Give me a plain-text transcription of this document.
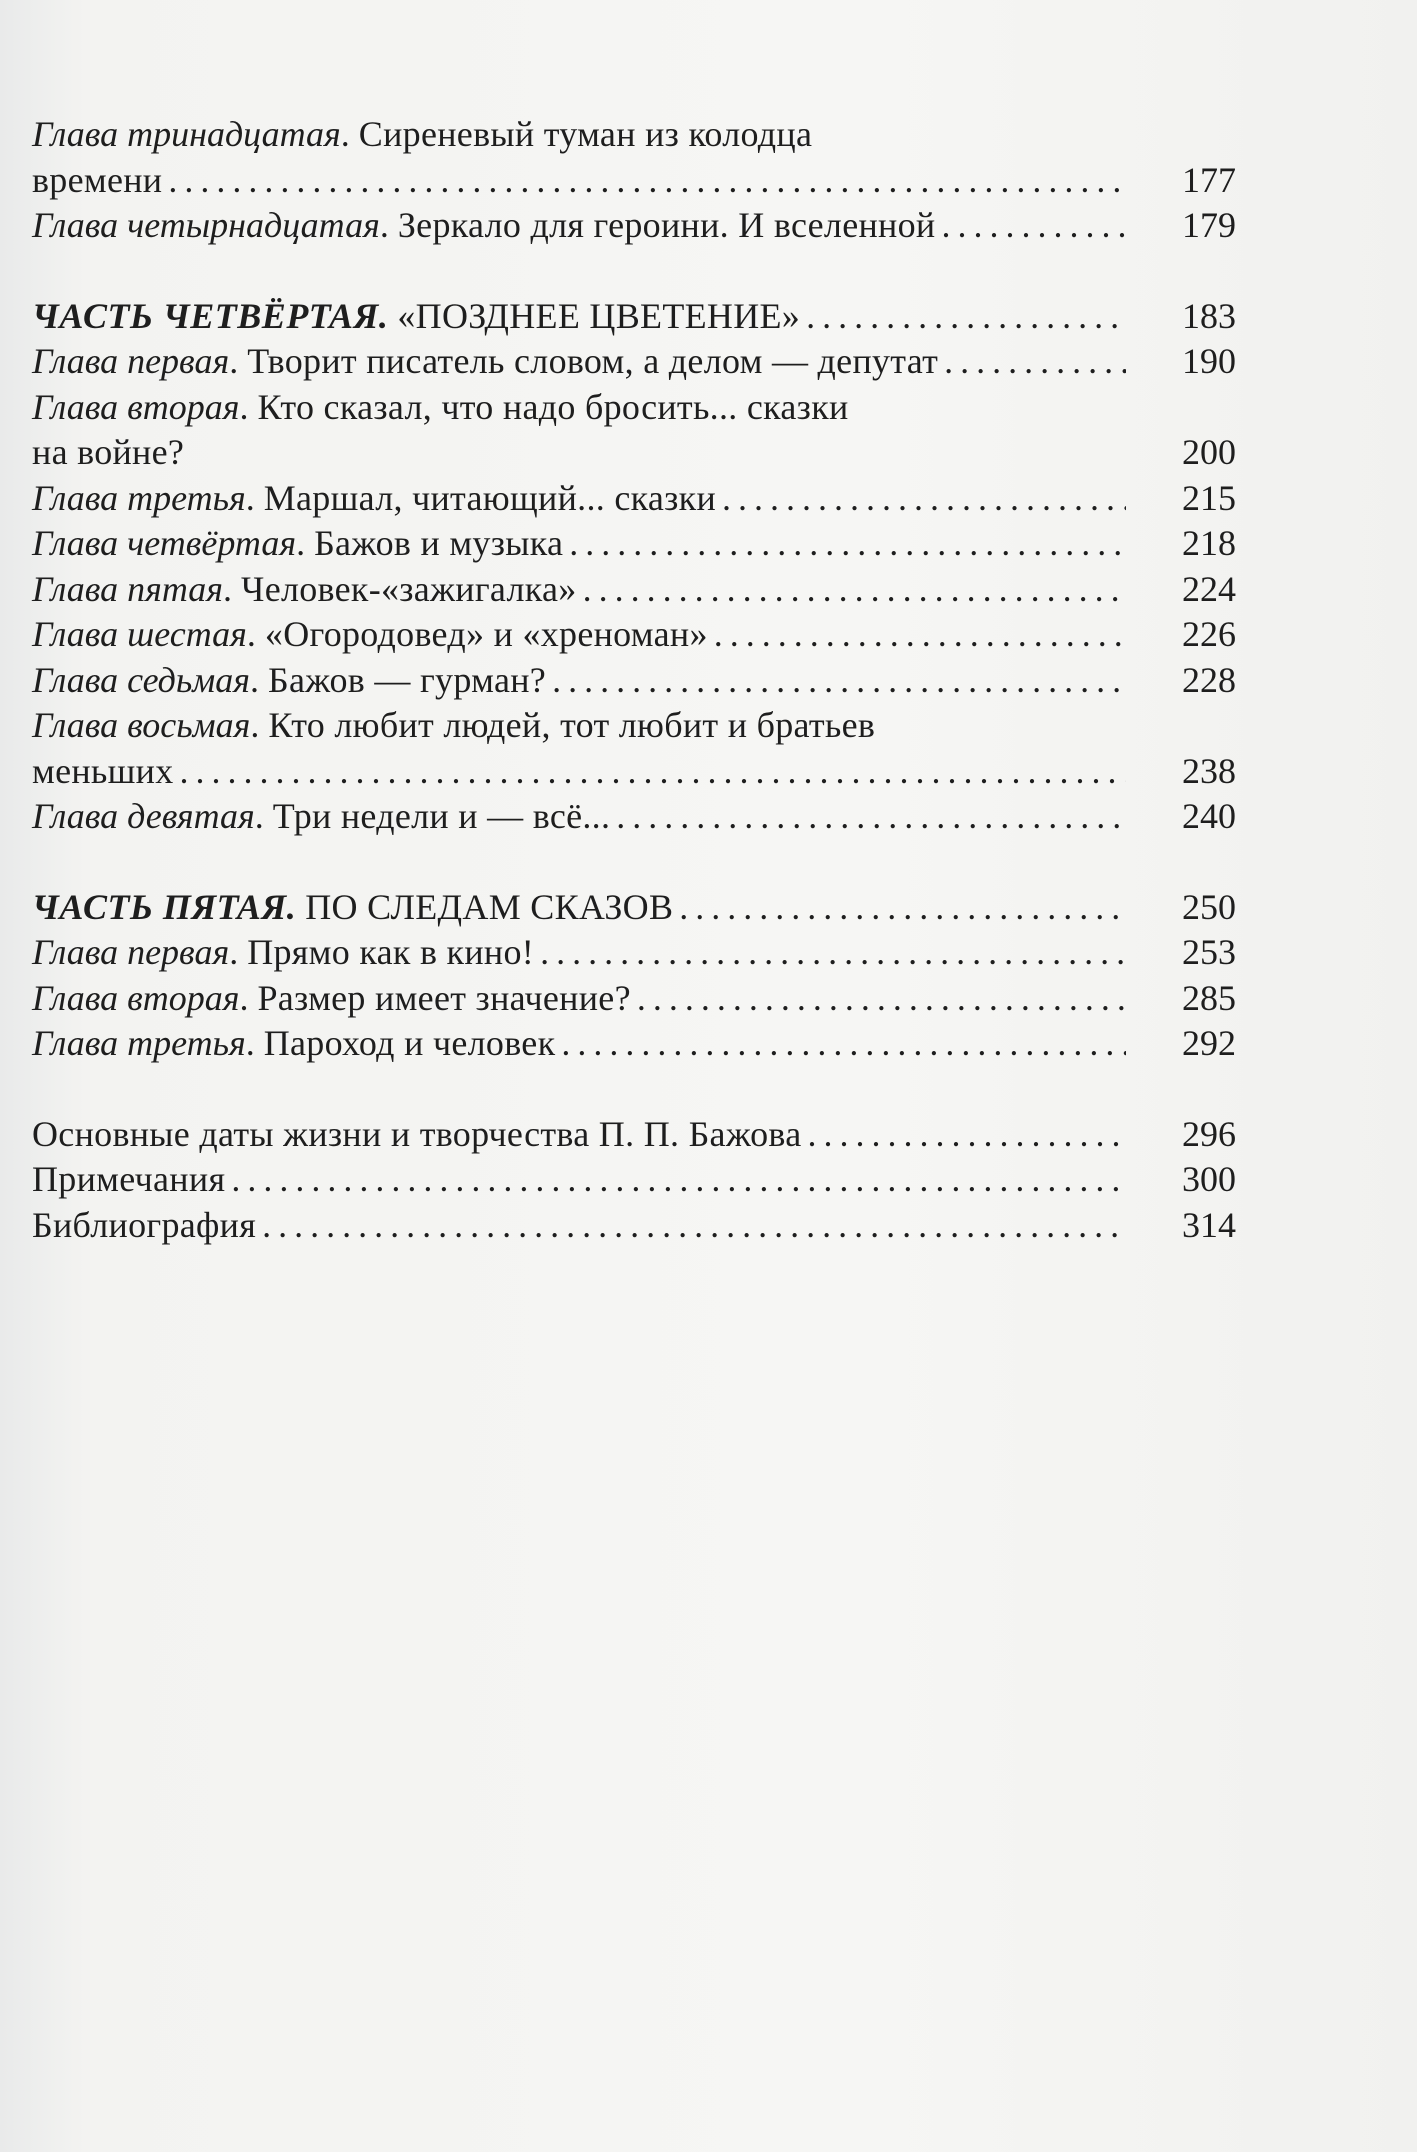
Глава тринадцатая. Сиреневый туман из колодца
времени .....	177
Глава четырнадцатая. Зеркало для героини. И вселенной .....	179
ЧАСТЬ ЧЕТВЁРТАЯ. «ПОЗДНЕЕ ЦВЕТЕНИЕ» .....	183
Глава первая. Творит писатель словом, а делом — депутат .....	190
Глава вторая. Кто сказал, что надо бросить... сказки
на войне?	200
Глава третья. Маршал, читающий... сказки .....	215
Глава четвёртая. Бажов и музыка .....	218
Глава пятая. Человек-«зажигалка» .....	224
Глава шестая. «Огородовед» и «хреноман» .....	226
Глава седьмая. Бажов — гурман? .....	228
Глава восьмая. Кто любит людей, тот любит и братьев
меньших .....	238
Глава девятая. Три недели и — всё... .....	240
ЧАСТЬ ПЯТАЯ. ПО СЛЕДАМ СКАЗОВ .....	250
Глава первая. Прямо как в кино! .....	253
Глава вторая. Размер имеет значение? .....	285
Глава третья. Пароход и человек .....	292
Основные даты жизни и творчества П. П. Бажова .....	296
Примечания .....	300
Библиография .....	314
